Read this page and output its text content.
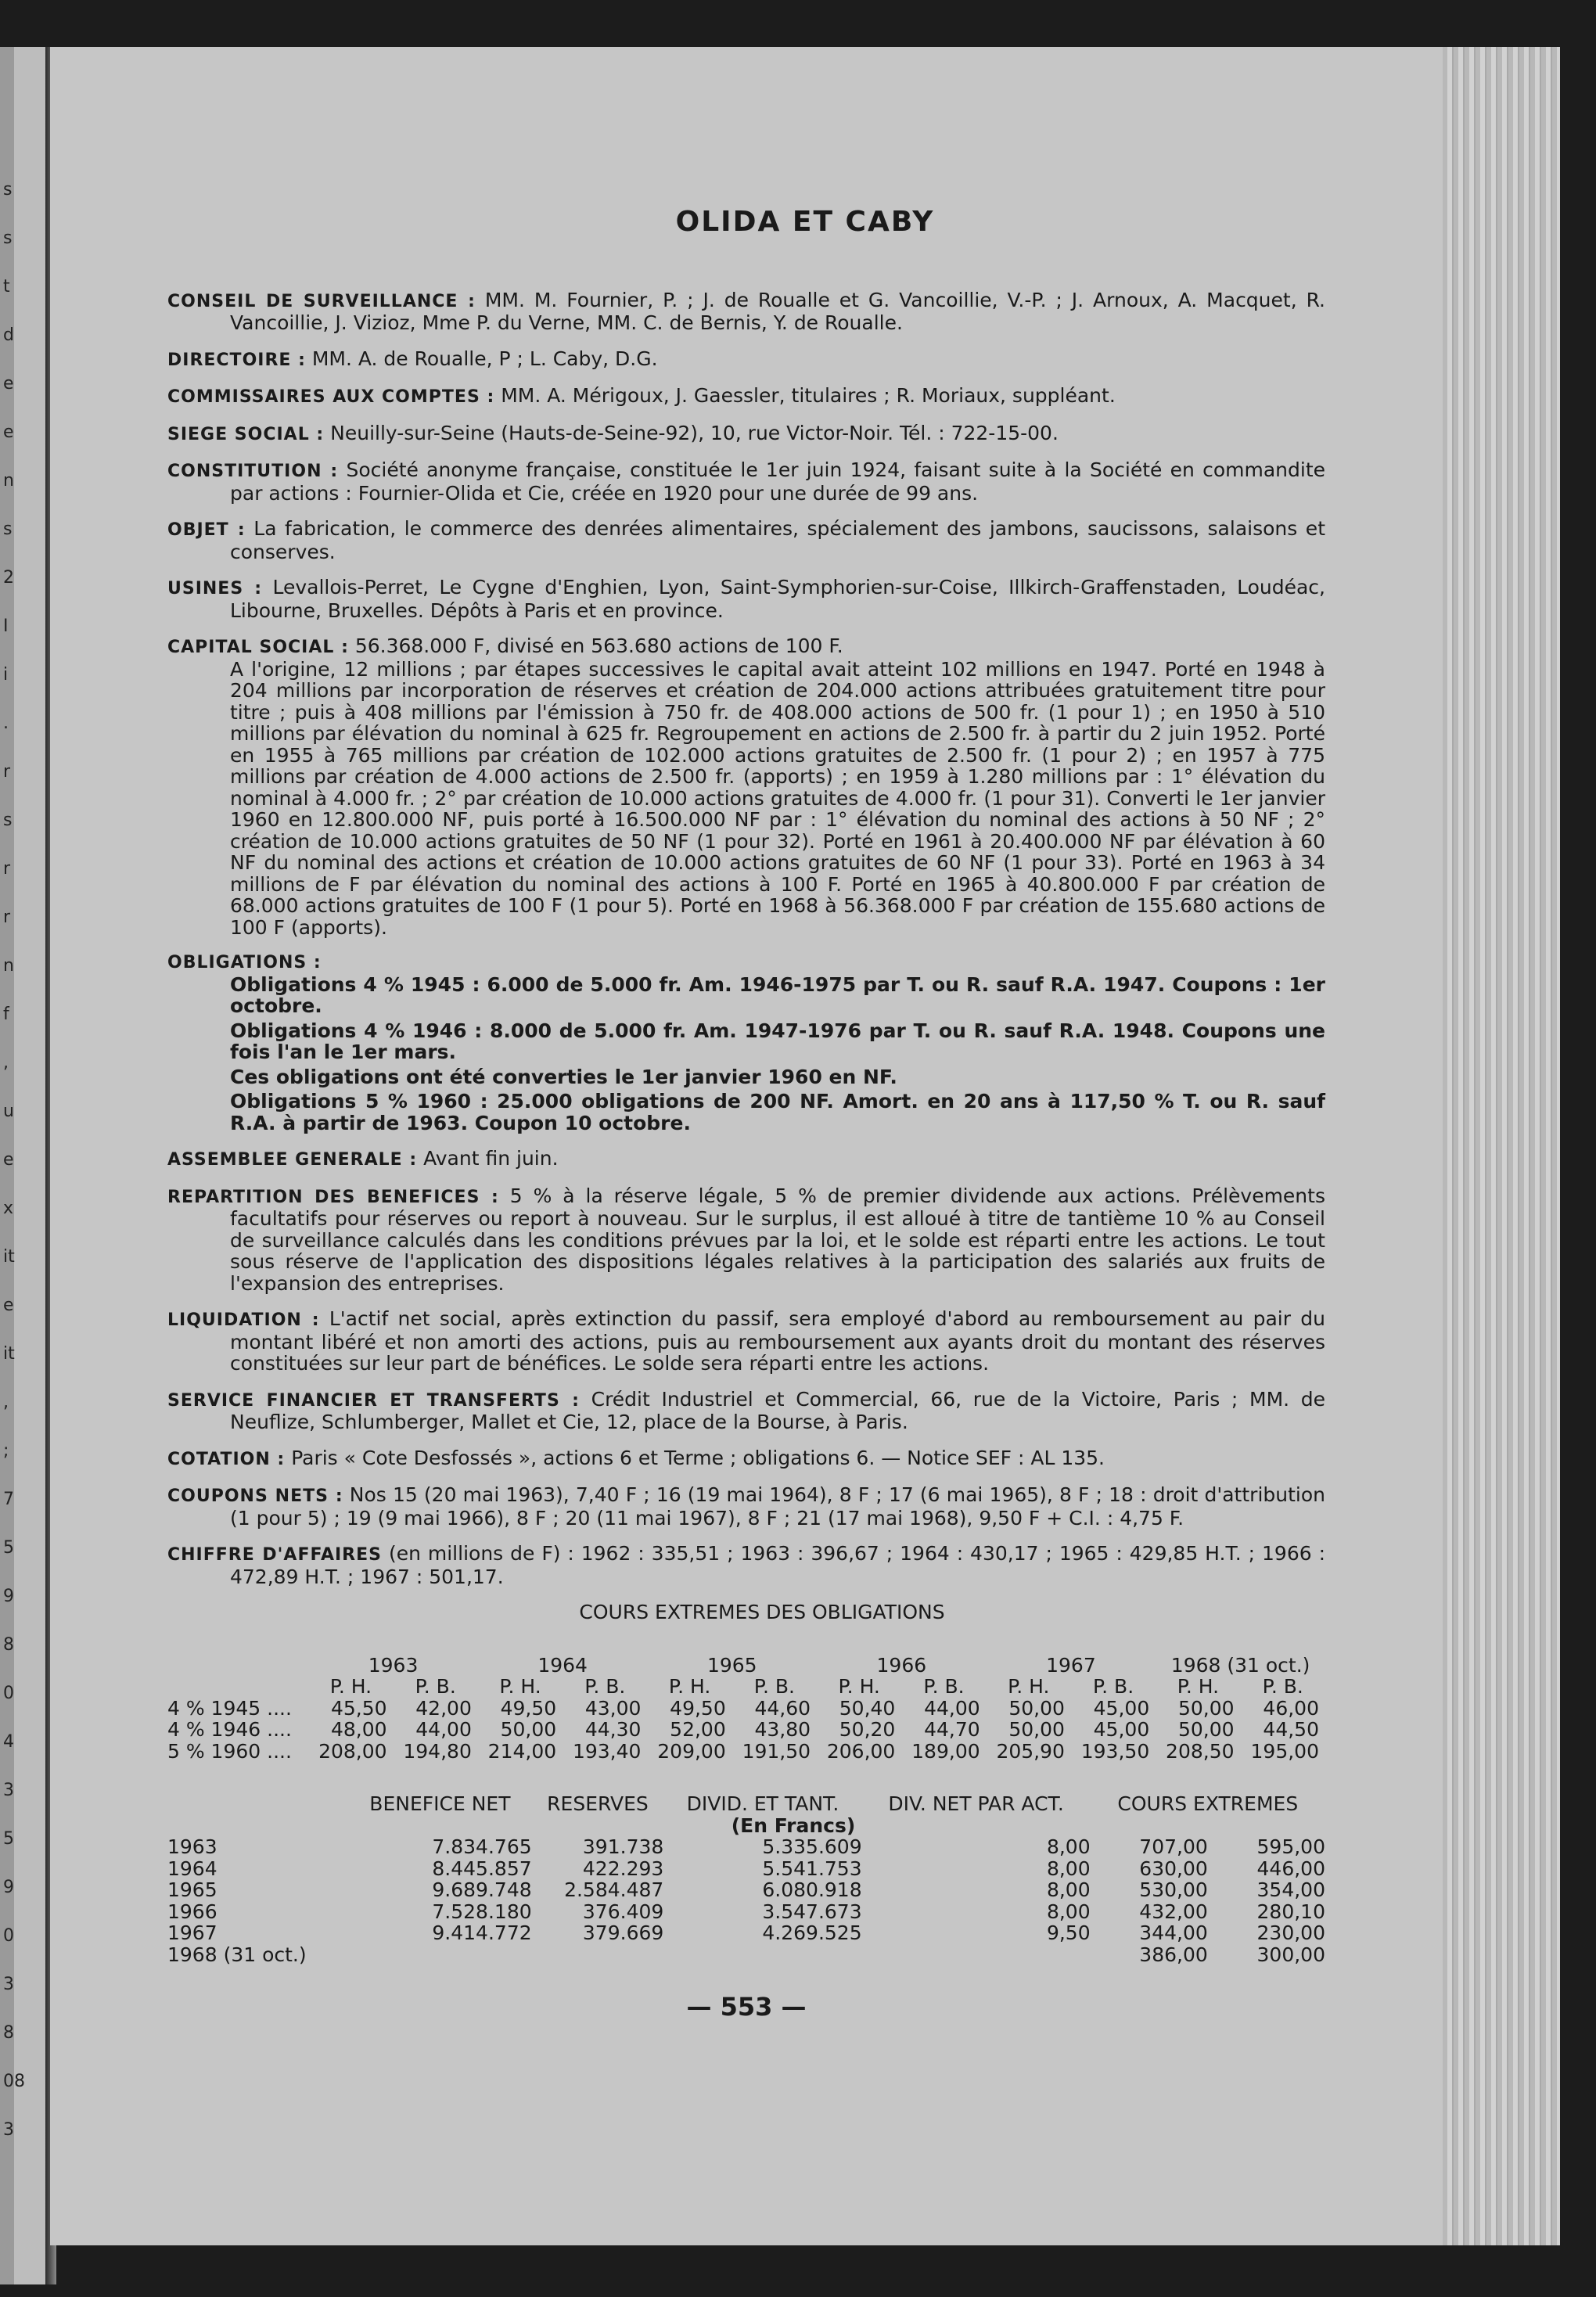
s
s
t
d
e
e
n
s
2
I
i
.
r
s
r
r
n
f
,
u
e
x
it
e
it
,
;
7
5
9
8
0
4
3
5
9
0
3
8
08
3
OLIDA ET CABY
CONSEIL DE SURVEILLANCE : MM. M. Fournier, P. ; J. de Roualle et G. Vancoillie, V.-P. ; J. Arnoux, A. Macquet, R. Vancoillie, J. Vizioz, Mme P. du Verne, MM. C. de Bernis, Y. de Roualle.
DIRECTOIRE : MM. A. de Roualle, P ; L. Caby, D.G.
COMMISSAIRES AUX COMPTES : MM. A. Mérigoux, J. Gaessler, titulaires ; R. Moriaux, suppléant.
SIEGE SOCIAL : Neuilly-sur-Seine (Hauts-de-Seine-92), 10, rue Victor-Noir. Tél. : 722-15-00.
CONSTITUTION : Société anonyme française, constituée le 1er juin 1924, faisant suite à la Société en commandite par actions : Fournier-Olida et Cie, créée en 1920 pour une durée de 99 ans.
OBJET : La fabrication, le commerce des denrées alimentaires, spécialement des jambons, saucissons, salaisons et conserves.
USINES : Levallois-Perret, Le Cygne d'Enghien, Lyon, Saint-Symphorien-sur-Coise, Illkirch-Graffenstaden, Loudéac, Libourne, Bruxelles. Dépôts à Paris et en province.
CAPITAL SOCIAL : 56.368.000 F, divisé en 563.680 actions de 100 F.
A l'origine, 12 millions ; par étapes successives le capital avait atteint 102 millions en 1947. Porté en 1948 à 204 millions par incorporation de réserves et création de 204.000 actions attribuées gratuitement titre pour titre ; puis à 408 millions par l'émission à 750 fr. de 408.000 actions de 500 fr. (1 pour 1) ; en 1950 à 510 millions par élévation du nominal à 625 fr. Regroupement en actions de 2.500 fr. à partir du 2 juin 1952. Porté en 1955 à 765 millions par création de 102.000 actions gratuites de 2.500 fr. (1 pour 2) ; en 1957 à 775 millions par création de 4.000 actions de 2.500 fr. (apports) ; en 1959 à 1.280 millions par : 1° élévation du nominal à 4.000 fr. ; 2° par création de 10.000 actions gratuites de 4.000 fr. (1 pour 31). Converti le 1er janvier 1960 en 12.800.000 NF, puis porté à 16.500.000 NF par : 1° élévation du nominal des actions à 50 NF ; 2° création de 10.000 actions gratuites de 50 NF (1 pour 32). Porté en 1961 à 20.400.000 NF par élévation à 60 NF du nominal des actions et création de 10.000 actions gratuites de 60 NF (1 pour 33). Porté en 1963 à 34 millions de F par élévation du nominal des actions à 100 F. Porté en 1965 à 40.800.000 F par création de 68.000 actions gratuites de 100 F (1 pour 5). Porté en 1968 à 56.368.000 F par création de 155.680 actions de 100 F (apports).
OBLIGATIONS :
Obligations 4 % 1945 : 6.000 de 5.000 fr. Am. 1946-1975 par T. ou R. sauf R.A. 1947. Coupons : 1er octobre.
Obligations 4 % 1946 : 8.000 de 5.000 fr. Am. 1947-1976 par T. ou R. sauf R.A. 1948. Coupons une fois l'an le 1er mars.
Ces obligations ont été converties le 1er janvier 1960 en NF.
Obligations 5 % 1960 : 25.000 obligations de 200 NF. Amort. en 20 ans à 117,50 % T. ou R. sauf R.A. à partir de 1963. Coupon 10 octobre.
ASSEMBLEE GENERALE : Avant fin juin.
REPARTITION DES BENEFICES : 5 % à la réserve légale, 5 % de premier dividende aux actions. Prélèvements facultatifs pour réserves ou report à nouveau. Sur le surplus, il est alloué à titre de tantième 10 % au Conseil de surveillance calculés dans les conditions prévues par la loi, et le solde est réparti entre les actions. Le tout sous réserve de l'application des dispositions légales relatives à la participation des salariés aux fruits de l'expansion des entreprises.
LIQUIDATION : L'actif net social, après extinction du passif, sera employé d'abord au remboursement au pair du montant libéré et non amorti des actions, puis au remboursement aux ayants droit du montant des réserves constituées sur leur part de bénéfices. Le solde sera réparti entre les actions.
SERVICE FINANCIER ET TRANSFERTS : Crédit Industriel et Commercial, 66, rue de la Victoire, Paris ; MM. de Neuflize, Schlumberger, Mallet et Cie, 12, place de la Bourse, à Paris.
COTATION : Paris « Cote Desfossés », actions 6 et Terme ; obligations 6. — Notice SEF : AL 135.
COUPONS NETS : Nos 15 (20 mai 1963), 7,40 F ; 16 (19 mai 1964), 8 F ; 17 (6 mai 1965), 8 F ; 18 : droit d'attribution (1 pour 5) ; 19 (9 mai 1966), 8 F ; 20 (11 mai 1967), 8 F ; 21 (17 mai 1968), 9,50 F + C.I. : 4,75 F.
CHIFFRE D'AFFAIRES (en millions de F) : 1962 : 335,51 ; 1963 : 396,67 ; 1964 : 430,17 ; 1965 : 429,85 H.T. ; 1966 : 472,89 H.T. ; 1967 : 501,17.
COURS EXTREMES DES OBLIGATIONS
	1963		1964		1965		1966		1967		1968 (31 oct.)	
	P. H.	P. B.	P. H.	P. B.	P. H.	P. B.	P. H.	P. B.	P. H.	P. B.	P. H.	P. B.
4 % 1945 ....	45,50	42,00	49,50	43,00	49,50	44,60	50,40	44,00	50,00	45,00	50,00	46,00
4 % 1946 ....	48,00	44,00	50,00	44,30	52,00	43,80	50,20	44,70	50,00	45,00	50,00	44,50
5 % 1960 ....	208,00	194,80	214,00	193,40	209,00	191,50	206,00	189,00	205,90	193,50	208,50	195,00
	BENEFICE NET	RESERVES	DIVID. ET TANT.	DIV. NET PAR ACT.	COURS EXTREMES	
(En Francs)						
1963	7.834.765	391.738	5.335.609	8,00	707,00	595,00
1964	8.445.857	422.293	5.541.753	8,00	630,00	446,00
1965	9.689.748	2.584.487	6.080.918	8,00	530,00	354,00
1966	7.528.180	376.409	3.547.673	8,00	432,00	280,10
1967	9.414.772	379.669	4.269.525	9,50	344,00	230,00
1968 (31 oct.)					386,00	300,00
— 553 —
